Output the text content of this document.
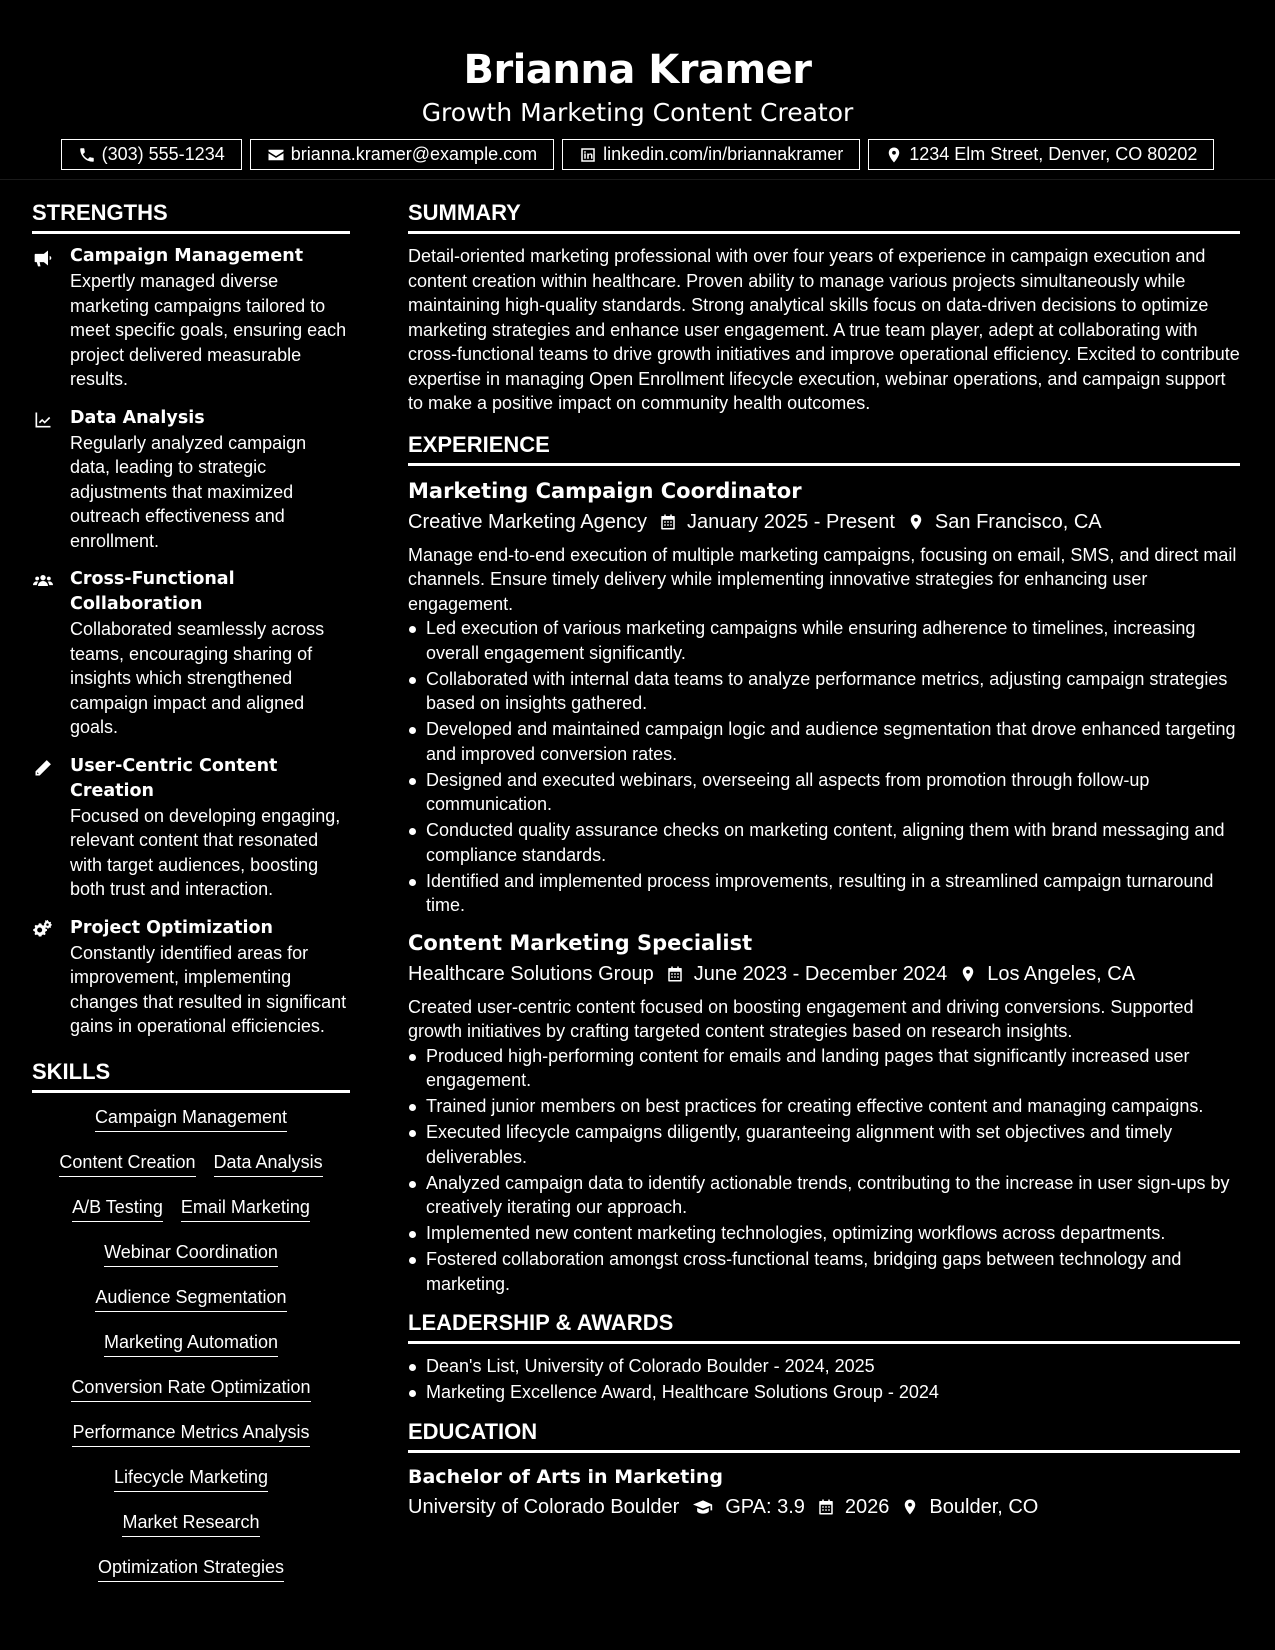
Brianna Kramer
Growth Marketing Content Creator
(303) 555-1234	brianna.kramer@example.com	linkedin.com/in/briannakramer	1234 Elm Street, Denver, CO 80202
STRENGTHS
Campaign Management
Expertly managed diverse marketing campaigns tailored to meet specific goals, ensuring each project delivered measurable results.
Data Analysis
Regularly analyzed campaign data, leading to strategic adjustments that maximized outreach effectiveness and enrollment.
Cross-Functional Collaboration
Collaborated seamlessly across teams, encouraging sharing of insights which strengthened campaign impact and aligned goals.
User-Centric Content Creation
Focused on developing engaging, relevant content that resonated with target audiences, boosting both trust and interaction.
Project Optimization
Constantly identified areas for improvement, implementing changes that resulted in significant gains in operational efficiencies.
SKILLS
Campaign Management
Content Creation Data Analysis
A/B Testing Email Marketing
Webinar Coordination
Audience Segmentation
Marketing Automation
Conversion Rate Optimization
Performance Metrics Analysis
Lifecycle Marketing
Market Research
Optimization Strategies
SUMMARY
Detail-oriented marketing professional with over four years of experience in campaign execution and content creation within healthcare. Proven ability to manage various projects simultaneously while maintaining high-quality standards. Strong analytical skills focus on data-driven decisions to optimize marketing strategies and enhance user engagement. A true team player, adept at collaborating with cross-functional teams to drive growth initiatives and improve operational efficiency. Excited to contribute expertise in managing Open Enrollment lifecycle execution, webinar operations, and campaign support to make a positive impact on community health outcomes.
EXPERIENCE
Marketing Campaign Coordinator
Creative Marketing Agency January 2025 - Present San Francisco, CA
Manage end-to-end execution of multiple marketing campaigns, focusing on email, SMS, and direct mail channels. Ensure timely delivery while implementing innovative strategies for enhancing user engagement.
Led execution of various marketing campaigns while ensuring adherence to timelines, increasing overall engagement significantly.
Collaborated with internal data teams to analyze performance metrics, adjusting campaign strategies based on insights gathered.
Developed and maintained campaign logic and audience segmentation that drove enhanced targeting and improved conversion rates.
Designed and executed webinars, overseeing all aspects from promotion through follow-up communication.
Conducted quality assurance checks on marketing content, aligning them with brand messaging and compliance standards.
Identified and implemented process improvements, resulting in a streamlined campaign turnaround time.
Content Marketing Specialist
Healthcare Solutions Group June 2023 - December 2024 Los Angeles, CA
Created user-centric content focused on boosting engagement and driving conversions. Supported growth initiatives by crafting targeted content strategies based on research insights.
Produced high-performing content for emails and landing pages that significantly increased user engagement.
Trained junior members on best practices for creating effective content and managing campaigns.
Executed lifecycle campaigns diligently, guaranteeing alignment with set objectives and timely deliverables.
Analyzed campaign data to identify actionable trends, contributing to the increase in user sign-ups by creatively iterating our approach.
Implemented new content marketing technologies, optimizing workflows across departments.
Fostered collaboration amongst cross-functional teams, bridging gaps between technology and marketing.
LEADERSHIP & AWARDS
Dean's List, University of Colorado Boulder - 2024, 2025
Marketing Excellence Award, Healthcare Solutions Group - 2024
EDUCATION
Bachelor of Arts in Marketing
University of Colorado Boulder GPA: 3.9 2026 Boulder, CO
